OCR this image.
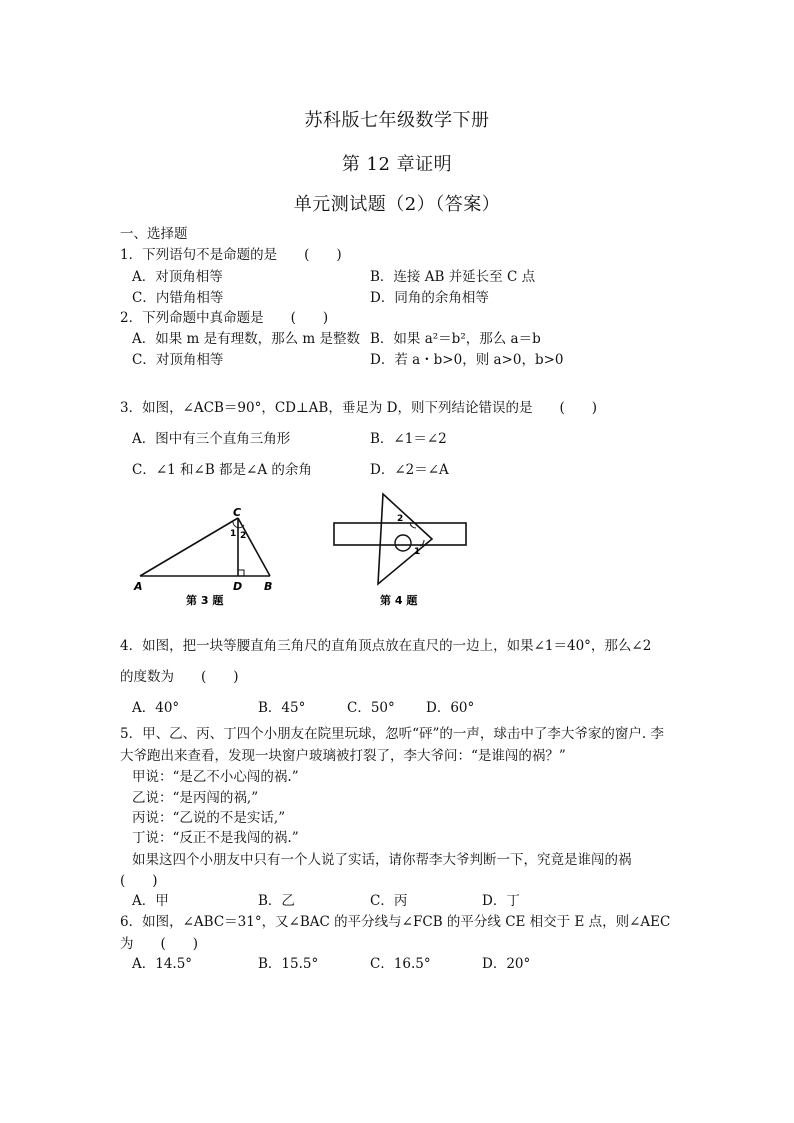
苏科版七年级数学下册
第 12 章证明
单元测试题（2）（答案）
一、选择题
1．下列语句不是命题的是　　(　　)
A．对顶角相等	B．连接 AB 并延长至 C 点
C．内错角相等	D．同角的余角相等
2．下列命题中真命题是　　(　　)
A．如果 m 是有理数，那么 m 是整数 B．如果 a²＝b²，那么 a＝b
C．对顶角相等	D．若 a・b>0，则 a>0，b>0
3．如图，∠ACB＝90°，CD⊥AB，垂足为 D，则下列结论错误的是　　(　　)
A．图中有三个直角三角形	B．∠1＝∠2
C．∠1 和∠B 都是∠A 的余角	D．∠2＝∠A
A	B
C
D
1 2
第 3 题
2
1
第 4 题
4．如图，把一块等腰直角三角尺的直角顶点放在直尺的一边上，如果∠1＝40°，那么∠2
的度数为　　(　　)
A．40°	B．45°	C．50° D．60°
5．甲、乙、丙、丁四个小朋友在院里玩球，忽听“砰”的一声，球击中了李大爷家的窗户. 李
大爷跑出来查看，发现一块窗户玻璃被打裂了，李大爷问：“是谁闯的祸？”
甲说：“是乙不小心闯的祸.”
乙说：“是丙闯的祸,”
丙说：“乙说的不是实话,”
丁说：“反正不是我闯的祸.”
如果这四个小朋友中只有一个人说了实话，请你帮李大爷判断一下，究竟是谁闯的祸
(　　)
A．甲	B．乙	C．丙	D．丁
6．如图，∠ABC＝31°，又∠BAC 的平分线与∠FCB 的平分线 CE 相交于 E 点，则∠AEC
为　　(　　)
A．14.5°	B．15.5°	C．16.5°	D．20°
